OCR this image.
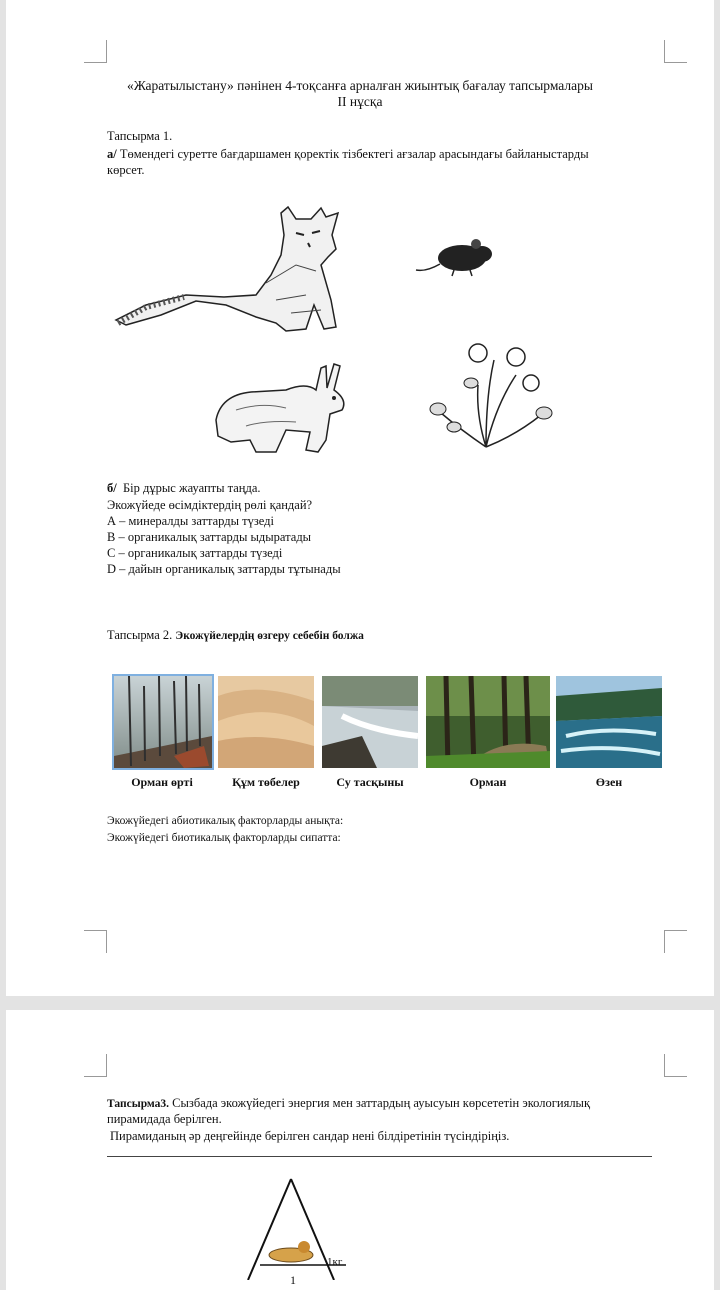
«Жаратылыстану» пәнінен 4-тоқсанға арналған жиынтық бағалау тапсырмалары
ІІ нұсқа
Тапсырма 1.
а/ Төмендегі суретте бағдаршамен қоректік тізбектегі ағзалар арасындағы байланыстарды
көрсет.
б/ Бір дұрыс жауапты таңда.
Экожүйеде өсімдіктердің рөлі қандай?
А – минералды заттарды түзеді
В – органикалық заттарды ыдыратады
С – органикалық заттарды түзеді
D – дайын органикалық заттарды тұтынады
Тапсырма 2. Экожүйелердің өзгеру себебін болжа
Орман өрті	Құм төбелер	Су тасқыны	Орман	Өзен
Экожүйедегі абиотикалық факторларды анықта:
Экожүйедегі биотикалық факторларды сипатта:
Тапсырма3. Сызбада экожүйедегі энергия мен заттардың ауысуын көрсететін экологиялық
пирамидада берілген.
Пирамиданың әр деңгейінде берілген сандар нені білдіретінін түсіндіріңіз.
1кг
1
